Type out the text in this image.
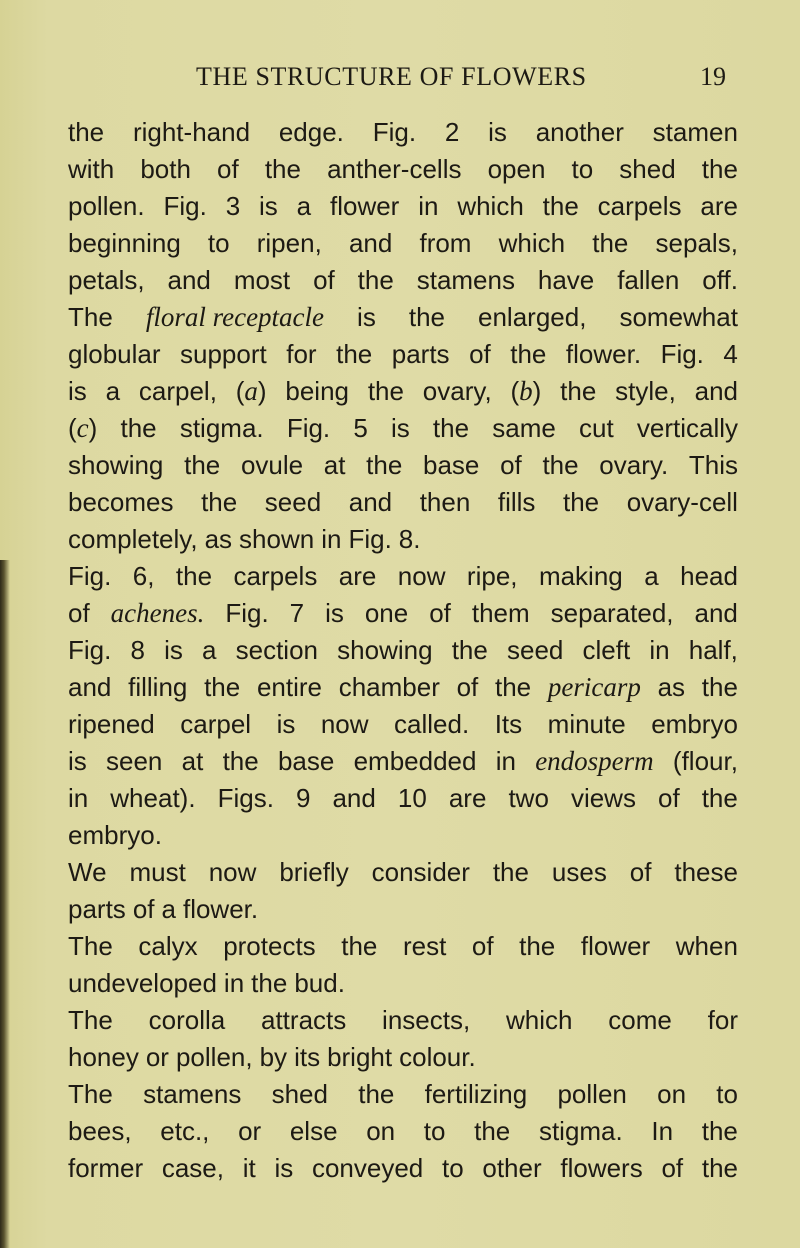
THE STRUCTURE OF FLOWERS	19
the right-hand edge. Fig. 2 is another stamen
with both of the anther-cells open to shed the
pollen. Fig. 3 is a flower in which the carpels are
beginning to ripen, and from which the sepals,
petals, and most of the stamens have fallen off.
The floral receptacle is the enlarged, somewhat
globular support for the parts of the flower. Fig. 4
is a carpel, (a) being the ovary, (b) the style, and
(c) the stigma. Fig. 5 is the same cut vertically
showing the ovule at the base of the ovary. This
becomes the seed and then fills the ovary-cell
completely, as shown in Fig. 8.
Fig. 6, the carpels are now ripe, making a head
of achenes. Fig. 7 is one of them separated, and
Fig. 8 is a section showing the seed cleft in half,
and filling the entire chamber of the pericarp as the
ripened carpel is now called. Its minute embryo
is seen at the base embedded in endosperm (flour,
in wheat). Figs. 9 and 10 are two views of the
embryo.
We must now briefly consider the uses of these
parts of a flower.
The calyx protects the rest of the flower when
undeveloped in the bud.
The corolla attracts insects, which come for
honey or pollen, by its bright colour.
The stamens shed the fertilizing pollen on to
bees, etc., or else on to the stigma. In the
former case, it is conveyed to other flowers of the
